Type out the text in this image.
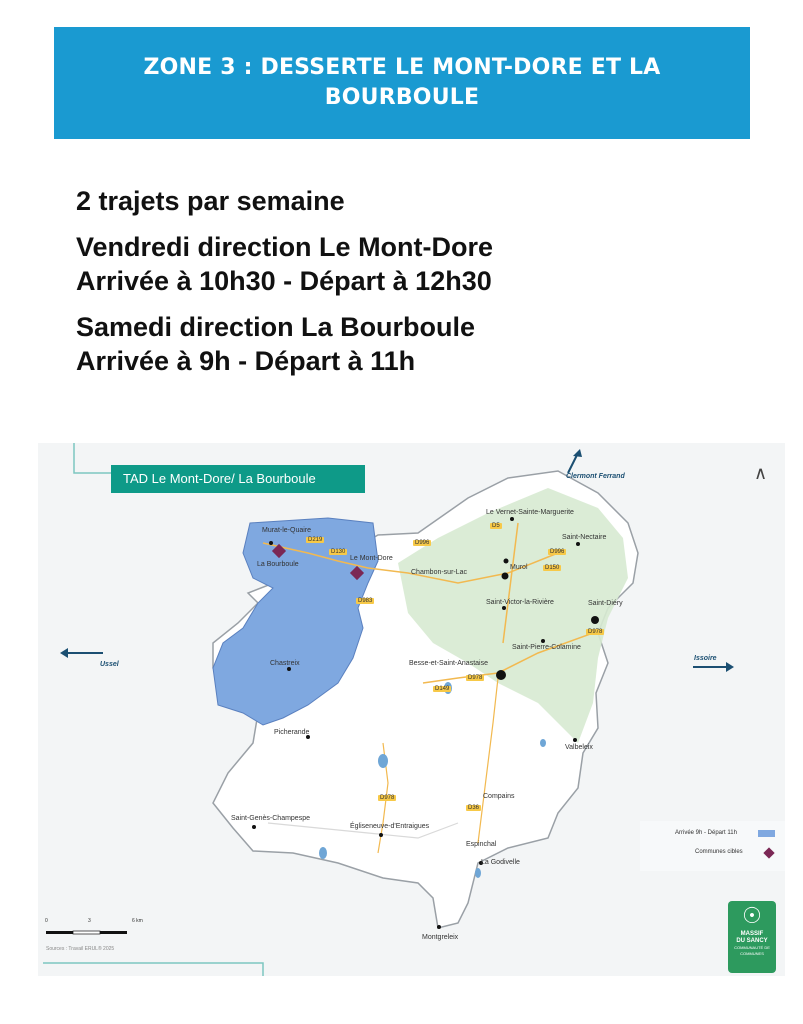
ZONE 3 : DESSERTE LE MONT-DORE ET LA
BOURBOULE

2 trajets par semaine

Vendredi direction Le Mont-Dore

Arrivée à 10h30 - Départ à 12h30

Samedi direction La Bourboule

Arrivée à 9h - Départ à 11h

TAD Le Mont-Dore/ La Bourboule	∧
Clermont Ferrand
Ussel
Issoire
Murat-le-Quaire
La Bourboule
Le Mont-Dore
Le Vernet-Sainte-Marguerite
Saint-Nectaire
Chambon-sur-Lac
Murol
Saint-Victor-la-Rivière	Saint-Diéry
Chastreix
Saint-Pierre-Colamine
Besse-et-Saint-Anastaise
Picherande
Valbeleix
Compains
Saint-Genès-Champespe
Égliseneuve-d'Entraigues
Espinchal
La Godivelle
Montgreleix
D219
D130
D996
D5
D983
D996
D150
D978
D149
D978
D978
D36
Arrivée 9h - Départ 11h
Communes cibles
0	3	6 km
Sources : Travail ERUL® 2025
☉
MASSIF
DU SANCY
COMMUNAUTÉ DE COMMUNES
